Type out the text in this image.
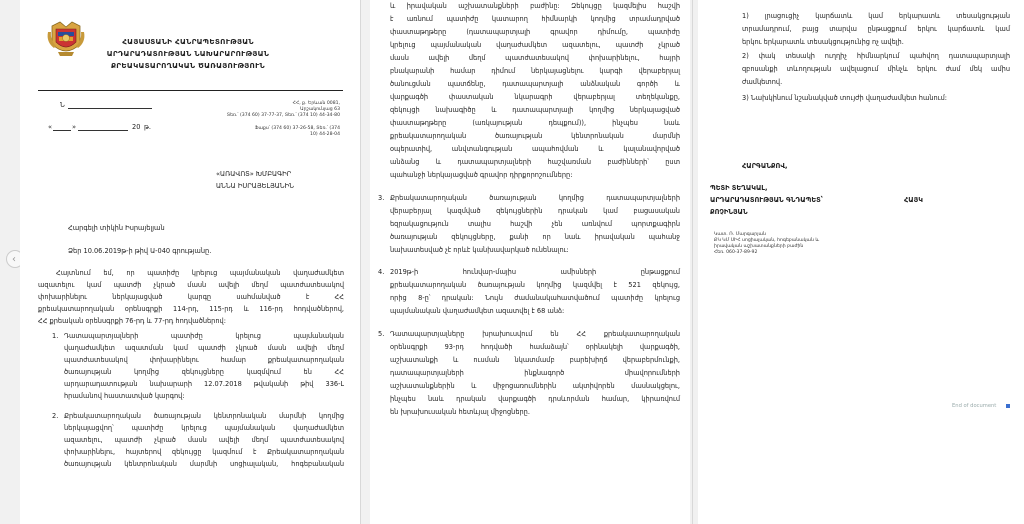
‹
ՀԱՅԱՍՏԱՆԻ ՀԱՆՐԱՊԵՏՈՒԹՅԱՆ
ԱՐԴԱՐԱԴԱՏՈՒԹՅԱՆ ՆԱԽԱՐԱՐՈՒԹՅԱՆ
ՔՐԵԱԿԱՏԱՐՈՂԱԿԱՆ ԾԱՌԱՅՈՒԹՅՈՒՆ
Ն
«	»	20 թ.
ՀՀ, ք. Երևան 0081,
Արշակունյաց 63
Տեռ.՝ (374 60) 37-77-37, Տեռ.՝ (374 10) 44-34-80
Ֆաքս՝ (374 60) 37-26-58, Տեռ.՝ (374
10) 44-28-04
«ԱՌԱՎՈՏ» ԽՄԲԱԳԻՐ
ԱՆՆԱ ԻՍՐԱՅԵԼՅԱՆԻՆ
Հարգելի տիկին Իսրայելյան
Ձեր 10.06.2019թ-ի թիվ Ա-040 գրությանը.
Հայտնում եմ, որ պատիժը կրելուց պայմանական վաղաժամկետ
ազատելու կամ պատժի չկրած մասն ավելի մեղմ պատժատեսակով
փոխարինելու ներկայացված կարգը սահմանված է ՀՀ
քրեակատարողական օրենսգրքի 114-րդ, 115-րդ և 116-րդ հոդվածներով,
ՀՀ քրեական օրենսգրքի 76-րդ և 77-րդ հոդվածներով:
1. Դատապարտյալների պատիժը կրելուց պայմանական
վաղաժամկետ ազատման կամ պատժի չկրած մասն ավելի մեղմ
պատժատեսակով փոխարինելու համար քրեակատարողական
ծառայության կողմից զեկույցները կազմվում են ՀՀ
արդարադատության նախարարի 12.07.2018 թվականի թիվ 336-Լ
հրամանով հաստատված կարգով:
2. Քրեակատարողական ծառայության կենտրոնական մարմնի կողմից
ներկայացվող՝ պատիժը կրելուց պայմանական վաղաժամկետ
ազատելու, պատժի չկրած մասն ավելի մեղմ պատժատեսակով
փոխարինելու, հայտերով զեկույցը կազմում է Քրեակատարողական
ծառայության կենտրոնական մարմնի սոցիալական, հոգեբանական
և իրավական աշխատանքների բաժինը: Զեկույցը կազմելիս հաշվի
է առնում պատիժը կատարող հիմնարկի կողմից տրամադրված
փաստաթղթերը (դատապարտյալի գրավոր դիմումը, պատիժը
կրելուց պայմանական վաղաժամկետ ազատելու, պատժի չկրած
մասն ավելի մեղմ պատժատեսակով փոխարինելու, հայրի
բնակարանի համար դիմում ներկայացնելու կարգի վերաբերյալ
ծանուցման պատճենը, դատապարտյալի անձնական գործի և
վարքագծի փաստական նկարագրի վերաբերյալ տեղեկանքը,
զեկույցի նախագիծը և դատապարտյալի կողմից ներկայացված
փաստաթղթերը (առկայության դեպքում)), ինչպես նաև
քրեակատարողական ծառայության կենտրոնական մարմնի
օպերատիվ, անվտանգության ապահովման և կալանավորված
անձանց և դատապարտյալների հաշվառման բաժինների՝ ըստ
պահանջի ներկայացված գրավոր դիրքորոշումները:
3. Քրեակատարողական ծառայության կողմից դատապարտյալների
վերաբերյալ կազմված զեկույցներին դրական կամ բացասական
եզրակացություն տալիս հաշվի չեն առնվում պորտքագիրն
ծառայության զեկույցները, քանի որ նաև իրավական պահանջ
նախատեսված չէ որևէ կանխավարկած ունենալու:
4. 2019թ-ի հունվար-մայիս ամիսների ընթացքում
քրեակատարողական ծառայության կողմից կազմվել է 521 զեկույց,
որից 8-ը՝ դրական: Նույն ժամանակահատվածում պատիժը կրելուց
պայմանական վաղաժամկետ ազատվել է 68 անձ:
5. Դատապարտյալները խրախուսվում են ՀՀ քրեակատարողական
օրենսգրքի 93-րդ հոդվածի համաձայն՝ օրինակելի վարքագծի,
աշխատանքի և ուսման նկատմամբ բարեխիղճ վերաբերմունքի,
դատապարտյալների ինքնագործ միավորումների
աշխատանքներին և միջոցառումներին ակտիվորեն մասնակցելու,
ինչպես նաև դրական վարքագծի դրսևորման համար, կիրառվում
են խրախուսական հետևյալ միջոցները.
1) լրացուցիչ կարճատև կամ երկարատև տեսակցության
տրամադրում, բայց տարվա ընթացքում երկու կարճատև կամ
երկու երկարատև տեսակցությունից ոչ ավելի.
2) փակ տեսակի ուղղիչ հիմնարկում պահվող դատապարտյալի
զբոսանքի տևողության ավելացում մինչև երկու ժամ մեկ ամիս
ժամկետով.
3) Նախկինում նշանակված տույժի վաղաժամկետ հանում:
ՀԱՐԳԱՆՔՈՎ,
ՊԵՏԻ ՏԵՂԱԿԱԼ,
ԱՐԴԱՐԱԴԱՏՈՒԹՅԱՆ ԳՆԴԱՊԵՏ՝	ՀԱՅԿ
ՔՈՉԻՆՅԱՆ
Կատ. Ռ. Մարգարյան
ՔԿ ԿՄ ՍԻՀ սոցիալական, հոգեբանական և
իրավական աշխատանքների բաժին
Հեռ. 060-37-89-92
End of document
